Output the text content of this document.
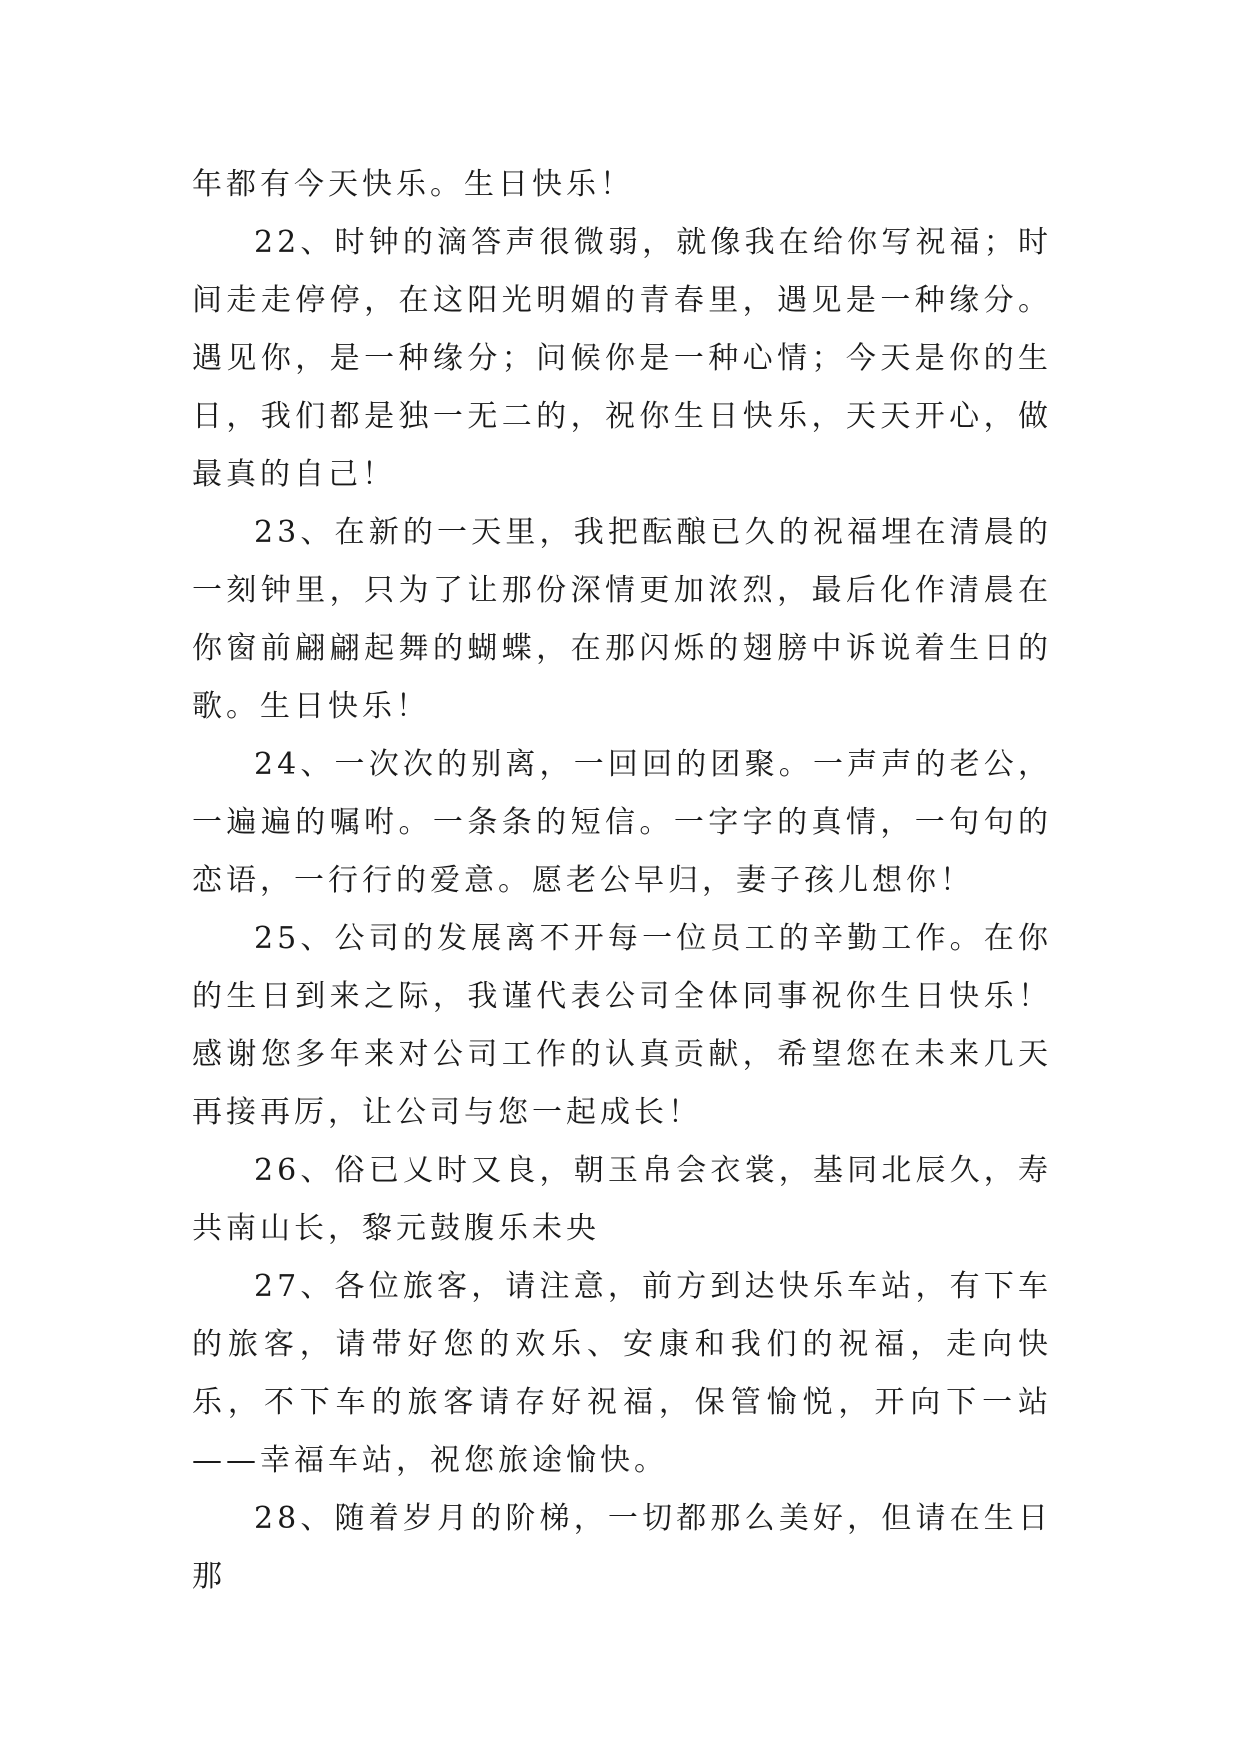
年都有今天快乐。生日快乐！

22、时钟的滴答声很微弱，就像我在给你写祝福；时间走走停停，在这阳光明媚的青春里，遇见是一种缘分。遇见你，是一种缘分；问候你是一种心情；今天是你的生日，我们都是独一无二的，祝你生日快乐，天天开心，做最真的自己！

23、在新的一天里，我把酝酿已久的祝福埋在清晨的一刻钟里，只为了让那份深情更加浓烈，最后化作清晨在你窗前翩翩起舞的蝴蝶，在那闪烁的翅膀中诉说着生日的歌。生日快乐！

24、一次次的别离，一回回的团聚。一声声的老公，一遍遍的嘱咐。一条条的短信。一字字的真情，一句句的恋语，一行行的爱意。愿老公早归，妻子孩儿想你！

25、公司的发展离不开每一位员工的辛勤工作。在你的生日到来之际，我谨代表公司全体同事祝你生日快乐！感谢您多年来对公司工作的认真贡献，希望您在未来几天再接再厉，让公司与您一起成长！

26、俗已乂时又良，朝玉帛会衣裳，基同北辰久，寿共南山长，黎元鼓腹乐未央

27、各位旅客，请注意，前方到达快乐车站，有下车的旅客，请带好您的欢乐、安康和我们的祝福，走向快乐，不下车的旅客请存好祝福，保管愉悦，开向下一站——幸福车站，祝您旅途愉快。

28、随着岁月的阶梯，一切都那么美好，但请在生日那
